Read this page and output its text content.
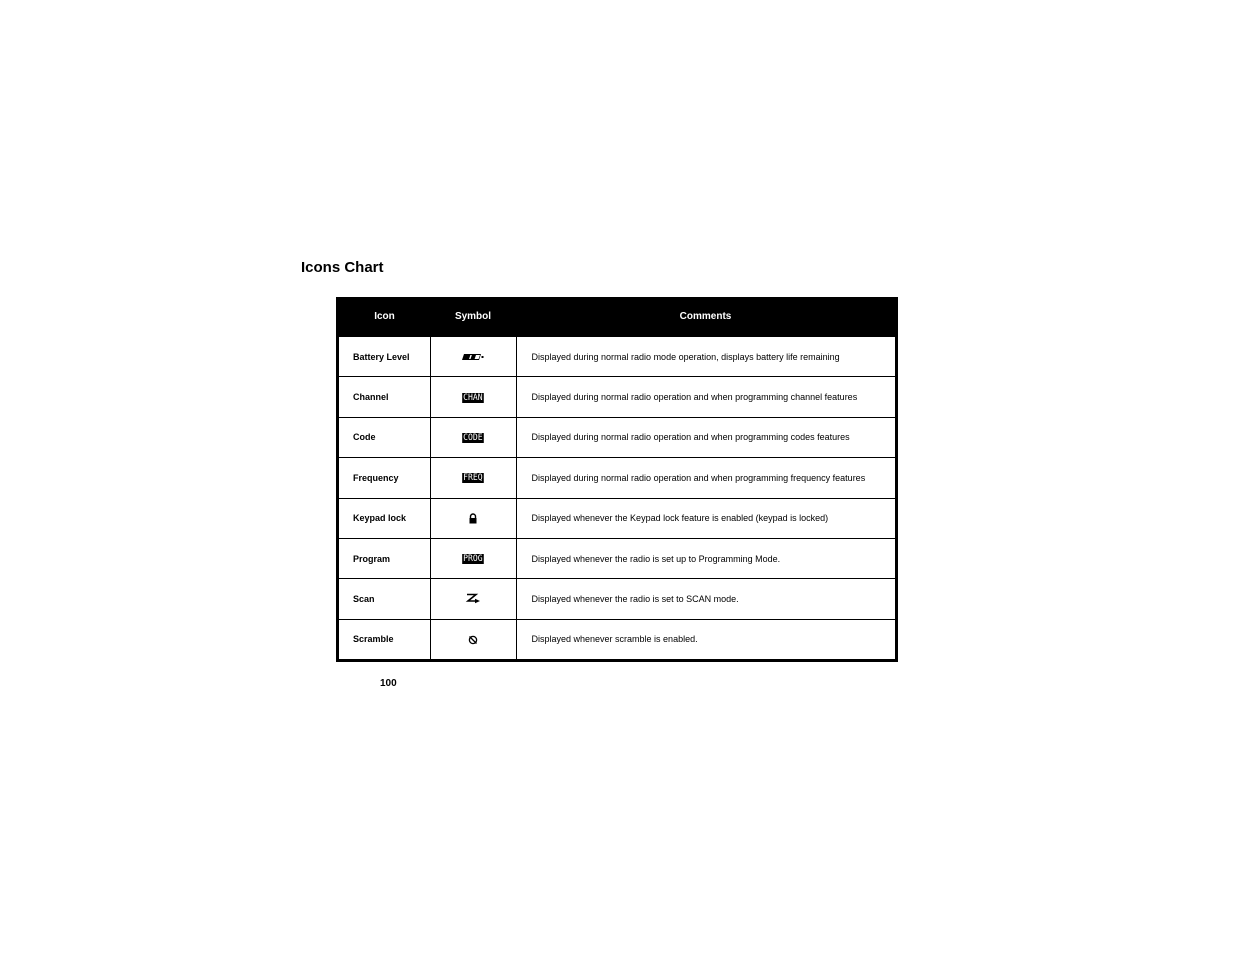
Icons Chart
Icon	Symbol	Comments
Battery Level		Displayed during normal radio mode operation, displays battery life remaining
Channel	CHAN	Displayed during normal radio operation and when programming channel features
Code	CODE	Displayed during normal radio operation and when programming codes features
Frequency	FREQ	Displayed during normal radio operation and when programming frequency features
Keypad lock		Displayed whenever the Keypad lock feature is enabled (keypad is locked)
Program	PROG	Displayed whenever the radio is set up to Programming Mode.
Scan		Displayed whenever the radio is set to SCAN mode.
Scramble		Displayed whenever scramble is enabled.
100
